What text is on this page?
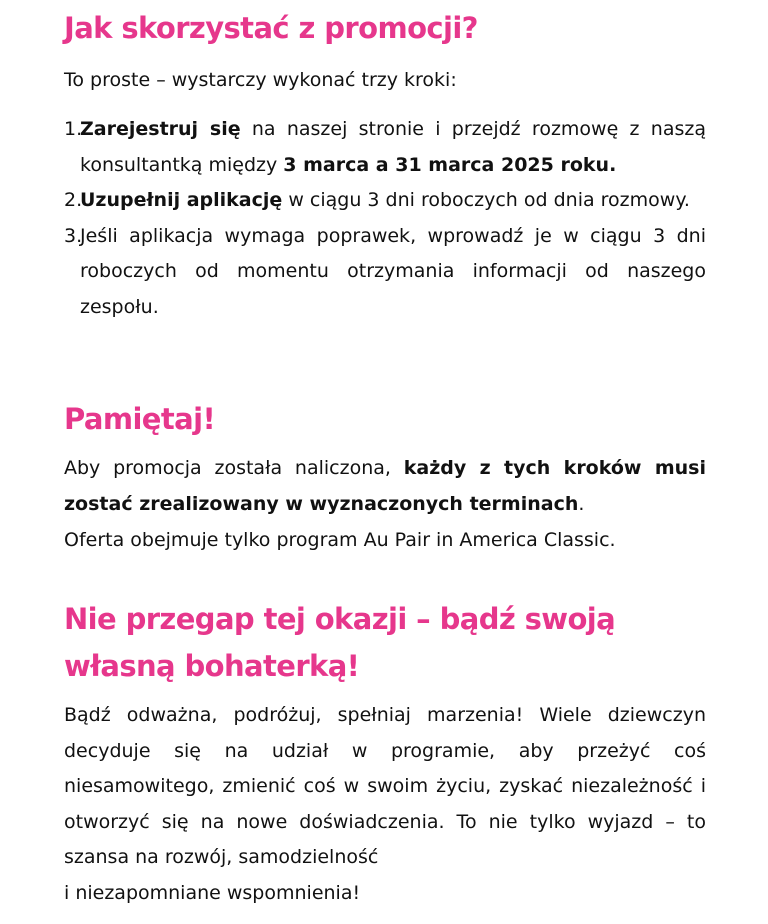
Jak skorzystać z promocji?

To proste – wystarczy wykonać trzy kroki:

1.
Zarejestruj się na naszej stronie i przejdź rozmowę z naszą konsultantką między 3 marca a 31 marca 2025 roku.
2.
Uzupełnij aplikację w ciągu 3 dni roboczych od dnia rozmowy.
3.
Jeśli aplikacja wymaga poprawek, wprowadź je w ciągu 3 dni roboczych od momentu otrzymania informacji od naszego zespołu.
Pamiętaj!

Aby promocja została naliczona, każdy z tych kroków musi zostać zrealizowany w wyznaczonych terminach.
Oferta obejmuje tylko program Au Pair in America Classic.

Nie przegap tej okazji – bądź swoją własną bohaterką!

Bądź odważna, podróżuj, spełniaj marzenia! Wiele dziewczyn decyduje się na udział w programie, aby przeżyć coś niesamowitego, zmienić coś w swoim życiu, zyskać niezależność i otworzyć się na nowe doświadczenia. To nie tylko wyjazd – to szansa na rozwój, samodzielność
i niezapomniane wspomnienia!
